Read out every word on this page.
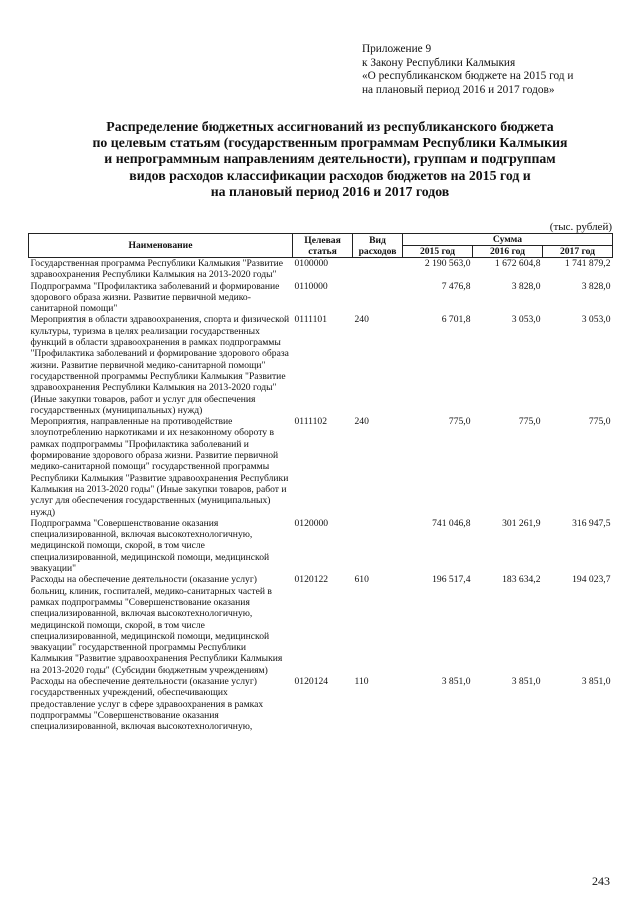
Приложение 9
к Закону Республики Калмыкия
«О республиканском бюджете на 2015 год и
на плановый период 2016 и 2017 годов»
Распределение бюджетных ассигнований из республиканского бюджета
по целевым статьям (государственным программам Республики Калмыкия
и непрограммным направлениям деятельности), группам и подгруппам
видов расходов классификации расходов бюджетов на 2015 год и
на плановый период 2016 и 2017 годов
(тыс. рублей)
Наименование	Целевая статья	Вид расходов	Сумма		
			2015 год	2016 год	2017 год
Государственная программа Республики Калмыкия "Развитие здравоохранения Республики Калмыкия на 2013-2020 годы"	0100000		2 190 563,0	1 672 604,8	1 741 879,2
Подпрограмма "Профилактика заболеваний и формирование здорового образа жизни. Развитие первичной медико-санитарной помощи"	0110000		7 476,8	3 828,0	3 828,0
Мероприятия в области здравоохранения, спорта и физической культуры, туризма в целях реализации государственных функций в области здравоохранения в рамках подпрограммы "Профилактика заболеваний и формирование здорового образа жизни. Развитие первичной медико-санитарной помощи" государственной программы Республики Калмыкия "Развитие здравоохранения Республики Калмыкия на 2013-2020 годы" (Иные закупки товаров, работ и услуг для обеспечения государственных (муниципальных) нужд)	0111101	240	6 701,8	3 053,0	3 053,0
Мероприятия, направленные на противодействие злоупотреблению наркотиками и их незаконному обороту в рамках подпрограммы "Профилактика заболеваний и формирование здорового образа жизни. Развитие первичной медико-санитарной помощи" государственной программы Республики Калмыкия "Развитие здравоохранения Республики Калмыкия на 2013-2020 годы" (Иные закупки товаров, работ и услуг для обеспечения государственных (муниципальных) нужд)	0111102	240	775,0	775,0	775,0
Подпрограмма "Совершенствование оказания специализированной, включая высокотехнологичную, медицинской помощи, скорой, в том числе специализированной, медицинской помощи, медицинской эвакуации"	0120000		741 046,8	301 261,9	316 947,5
Расходы на обеспечение деятельности (оказание услуг) больниц, клиник, госпиталей, медико-санитарных частей в рамках подпрограммы "Совершенствование оказания специализированной, включая высокотехнологичную, медицинской помощи, скорой, в том числе специализированной, медицинской помощи, медицинской эвакуации" государственной программы Республики Калмыкия "Развитие здравоохранения Республики Калмыкия на 2013-2020 годы" (Субсидии бюджетным учреждениям)	0120122	610	196 517,4	183 634,2	194 023,7
Расходы на обеспечение деятельности (оказание услуг) государственных учреждений, обеспечивающих предоставление услуг в сфере здравоохранения в рамках подпрограммы "Совершенствование оказания специализированной, включая высокотехнологичную,	0120124	110	3 851,0	3 851,0	3 851,0
243
